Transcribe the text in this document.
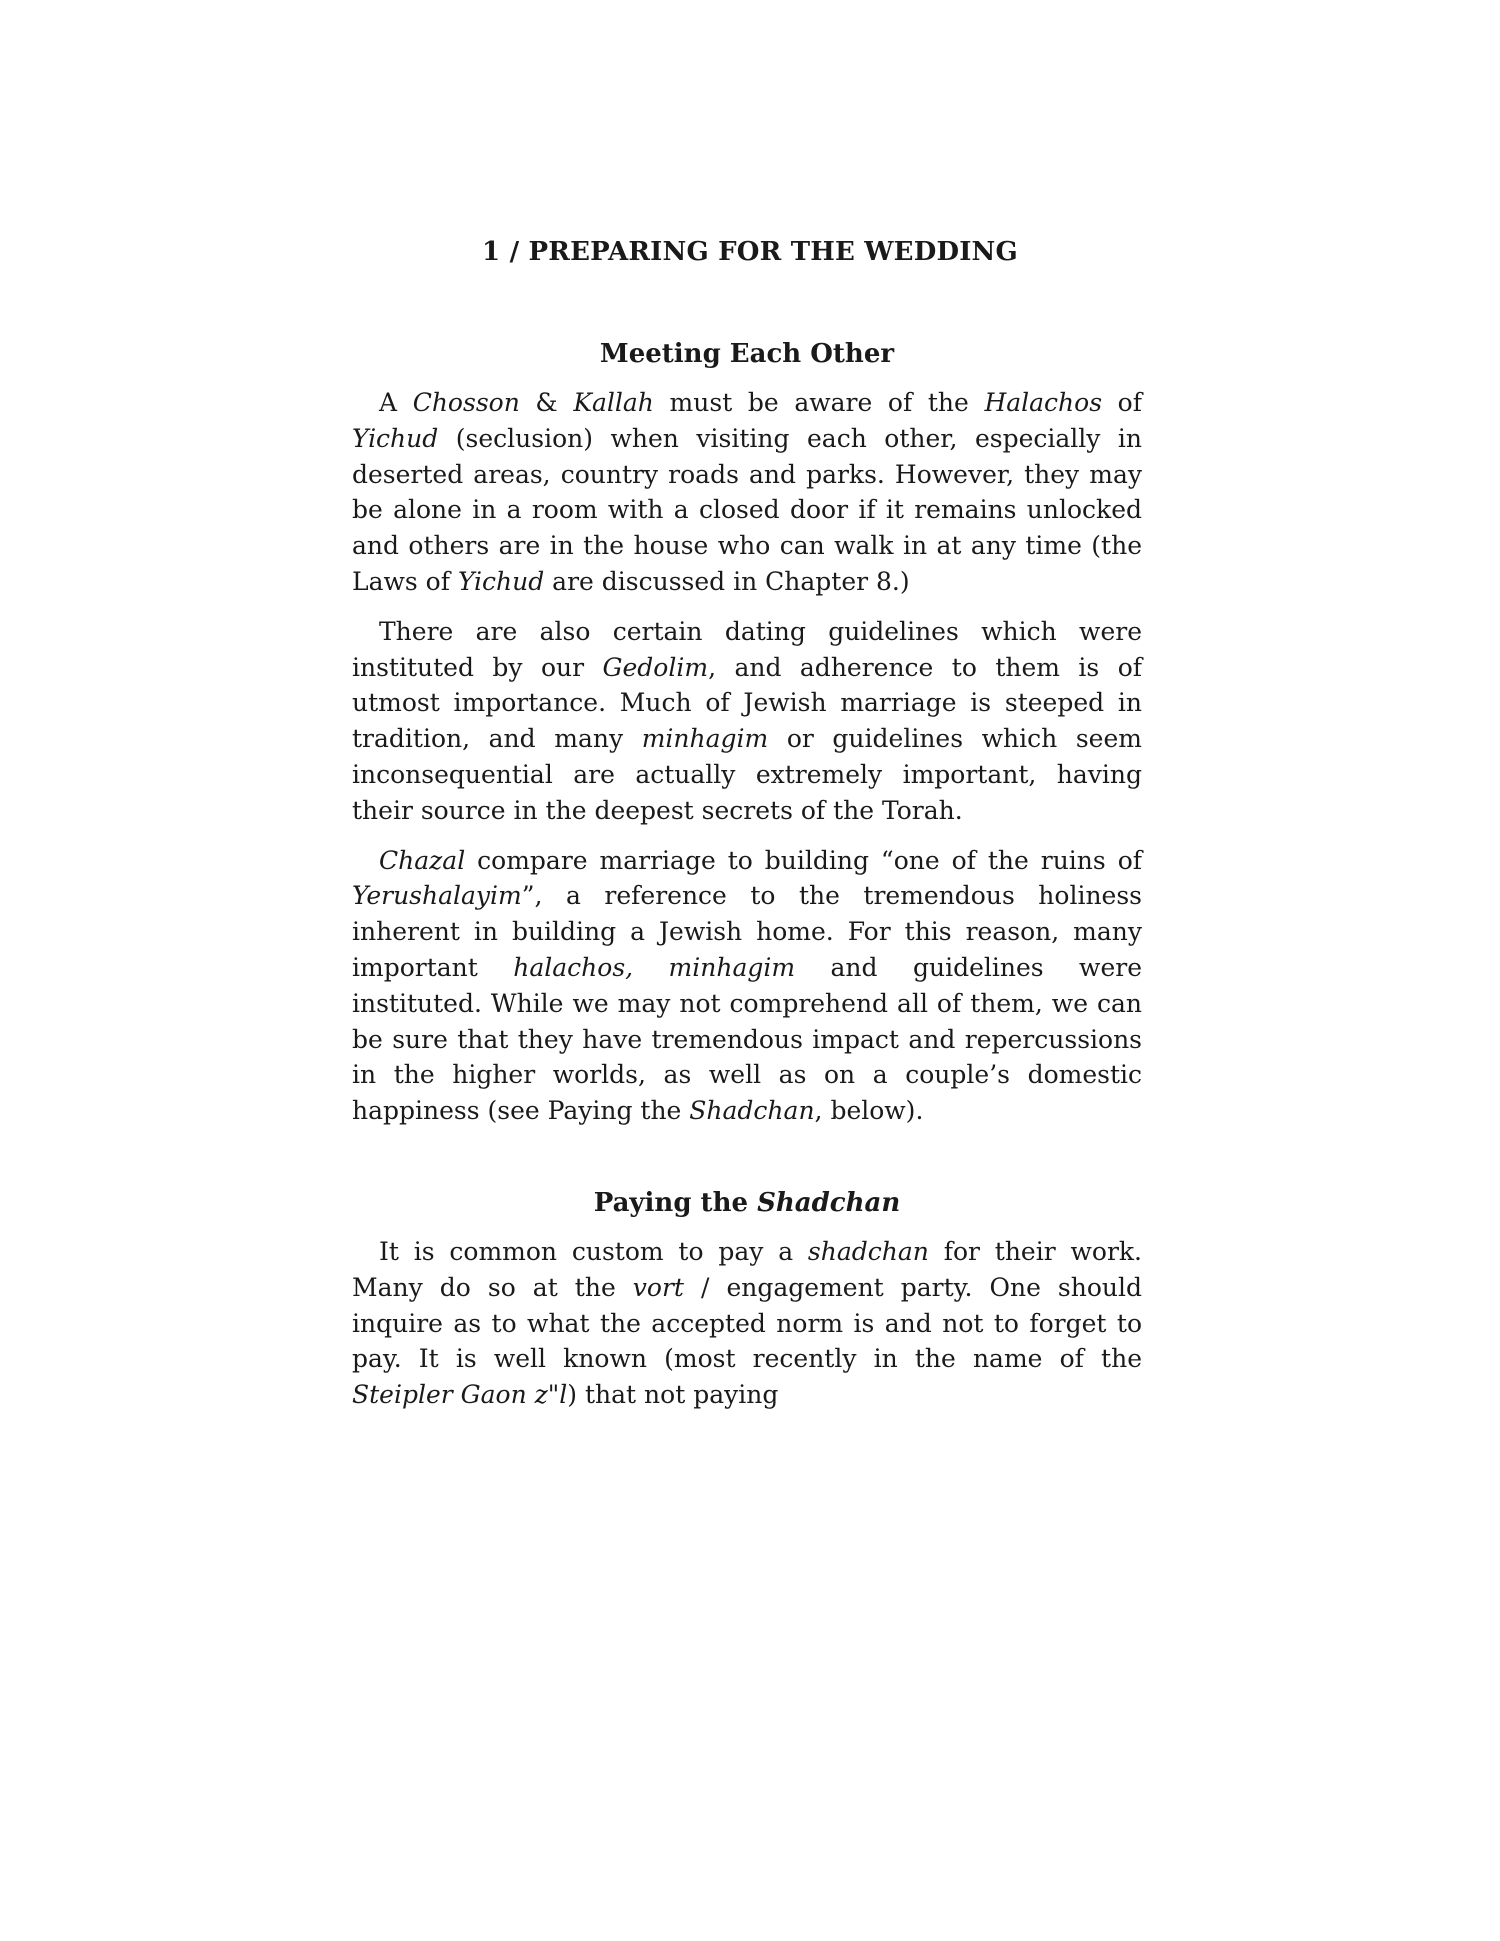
1 / PREPARING FOR THE WEDDING
Meeting Each Other

A Chosson & Kallah must be aware of the Halachos of Yichud (seclusion) when visiting each other, especially in deserted areas, country roads and parks. However, they may be alone in a room with a closed door if it remains unlocked and others are in the house who can walk in at any time (the Laws of Yichud are discussed in Chapter 8.)

There are also certain dating guidelines which were instituted by our Gedolim, and adherence to them is of utmost importance. Much of Jewish marriage is steeped in tradition, and many minhagim or guidelines which seem inconsequential are actually extremely important, having their source in the deepest secrets of the Torah.

Chazal compare marriage to building “one of the ruins of Yerushalayim”, a reference to the tremendous holiness inherent in building a Jewish home. For this reason, many important halachos, minhagim and guidelines were instituted. While we may not comprehend all of them, we can be sure that they have tremendous impact and repercussions in the higher worlds, as well as on a couple’s domestic happiness (see Paying the Shadchan, below).

Paying the Shadchan

It is common custom to pay a shadchan for their work. Many do so at the vort / engagement party. One should inquire as to what the accepted norm is and not to forget to pay. It is well known (most recently in the name of the Steipler Gaon z"l) that not paying
